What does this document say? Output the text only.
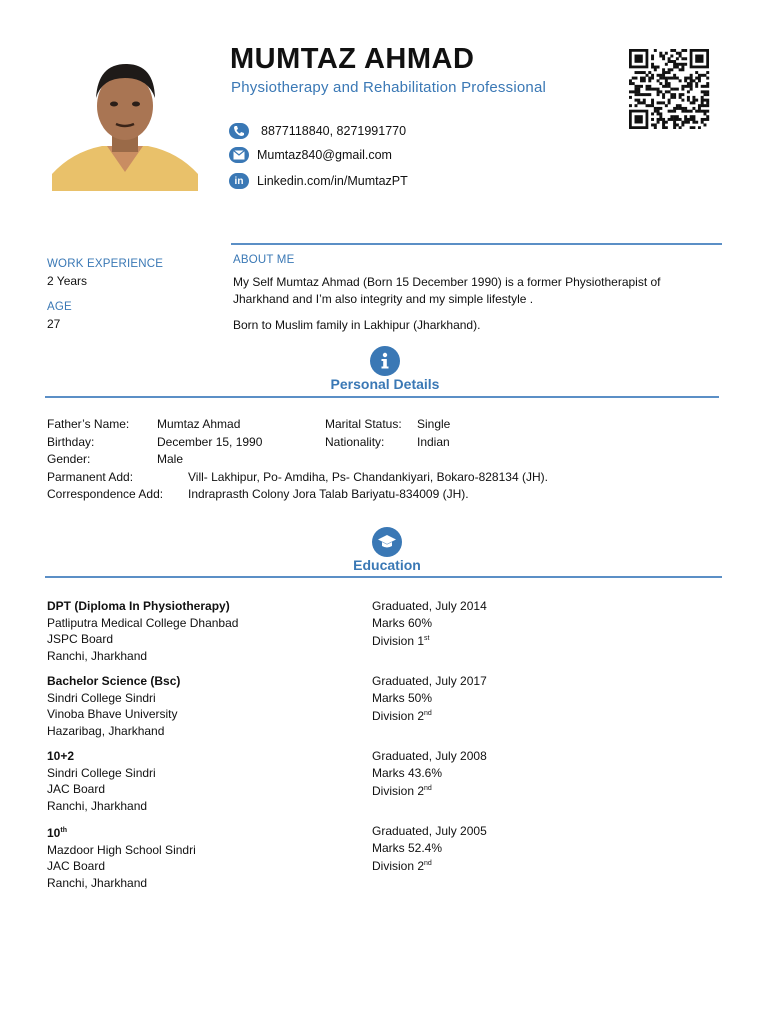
MUMTAZ AHMAD
Physiotherapy and Rehabilitation Professional
8877118840, 8271991770
Mumtaz840@gmail.com
in Linkedin.com/in/MumtazPT
WORK EXPERIENCE
2 Years
AGE
27
ABOUT ME
My Self Mumtaz Ahmad (Born 15 December 1990) is a former Physiotherapist of
Jharkhand and I’m also integrity and my simple lifestyle .
Born to Muslim family in Lakhipur (Jharkhand).
Personal Details
Father’s Name: Mumtaz Ahmad	Marital Status: Single
Birthday:	December 15, 1990	Nationality:	Indian
Gender:	Male
Parmanent Add:	Vill- Lakhipur, Po- Amdiha, Ps- Chandankiyari, Bokaro-828134 (JH).
Correspondence Add: Indraprasth Colony Jora Talab Bariyatu-834009 (JH).
Education
DPT (Diploma In Physiotherapy)
Patliputra Medical College Dhanbad
JSPC Board
Ranchi, Jharkhand
Graduated, July 2014
Marks 60%
Division 1st
Bachelor Science (Bsc)
Sindri College Sindri
Vinoba Bhave University
Hazaribag, Jharkhand
Graduated, July 2017
Marks 50%
Division 2nd
10+2
Sindri College Sindri
JAC Board
Ranchi, Jharkhand
Graduated, July 2008
Marks 43.6%
Division 2nd
10th
Mazdoor High School Sindri
JAC Board
Ranchi, Jharkhand
Graduated, July 2005
Marks 52.4%
Division 2nd
